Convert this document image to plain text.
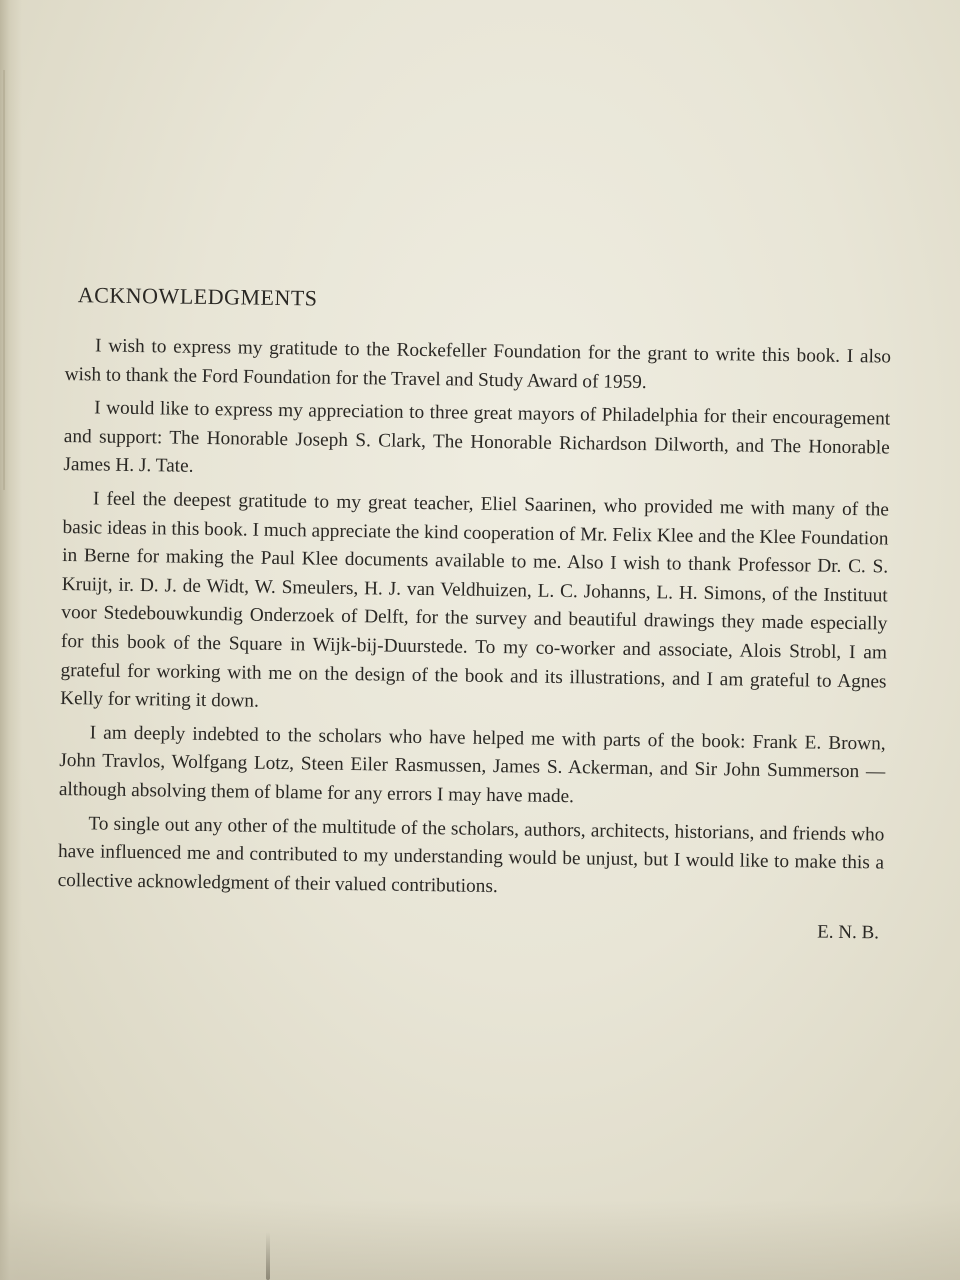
ACKNOWLEDGMENTS

I wish to express my gratitude to the Rockefeller Foundation for the grant to write this book. I also wish to thank the Ford Foundation for the Travel and Study Award of 1959.

I would like to express my appreciation to three great mayors of Philadelphia for their encouragement and support: The Honorable Joseph S. Clark, The Honorable Richardson Dilworth, and The Honorable James H. J. Tate.

I feel the deepest gratitude to my great teacher, Eliel Saarinen, who provided me with many of the basic ideas in this book. I much appreciate the kind cooperation of Mr. Felix Klee and the Klee Foundation in Berne for making the Paul Klee documents available to me. Also I wish to thank Professor Dr. C. S. Kruijt, ir. D. J. de Widt, W. Smeulers, H. J. van Veldhuizen, L. C. Johanns, L. H. Simons, of the Instituut voor Stedebouwkundig Onderzoek of Delft, for the survey and beautiful drawings they made especially for this book of the Square in Wijk-bij-Duurstede. To my co-worker and associate, Alois Strobl, I am grateful for working with me on the design of the book and its illustrations, and I am grateful to Agnes Kelly for writing it down.

I am deeply indebted to the scholars who have helped me with parts of the book: Frank E. Brown, John Travlos, Wolfgang Lotz, Steen Eiler Rasmussen, James S. Ackerman, and Sir John Summerson — although absolving them of blame for any errors I may have made.

To single out any other of the multitude of the scholars, authors, architects, historians, and friends who have influenced me and contributed to my understanding would be unjust, but I would like to make this a collective acknowledgment of their valued contributions.

E. N. B.
